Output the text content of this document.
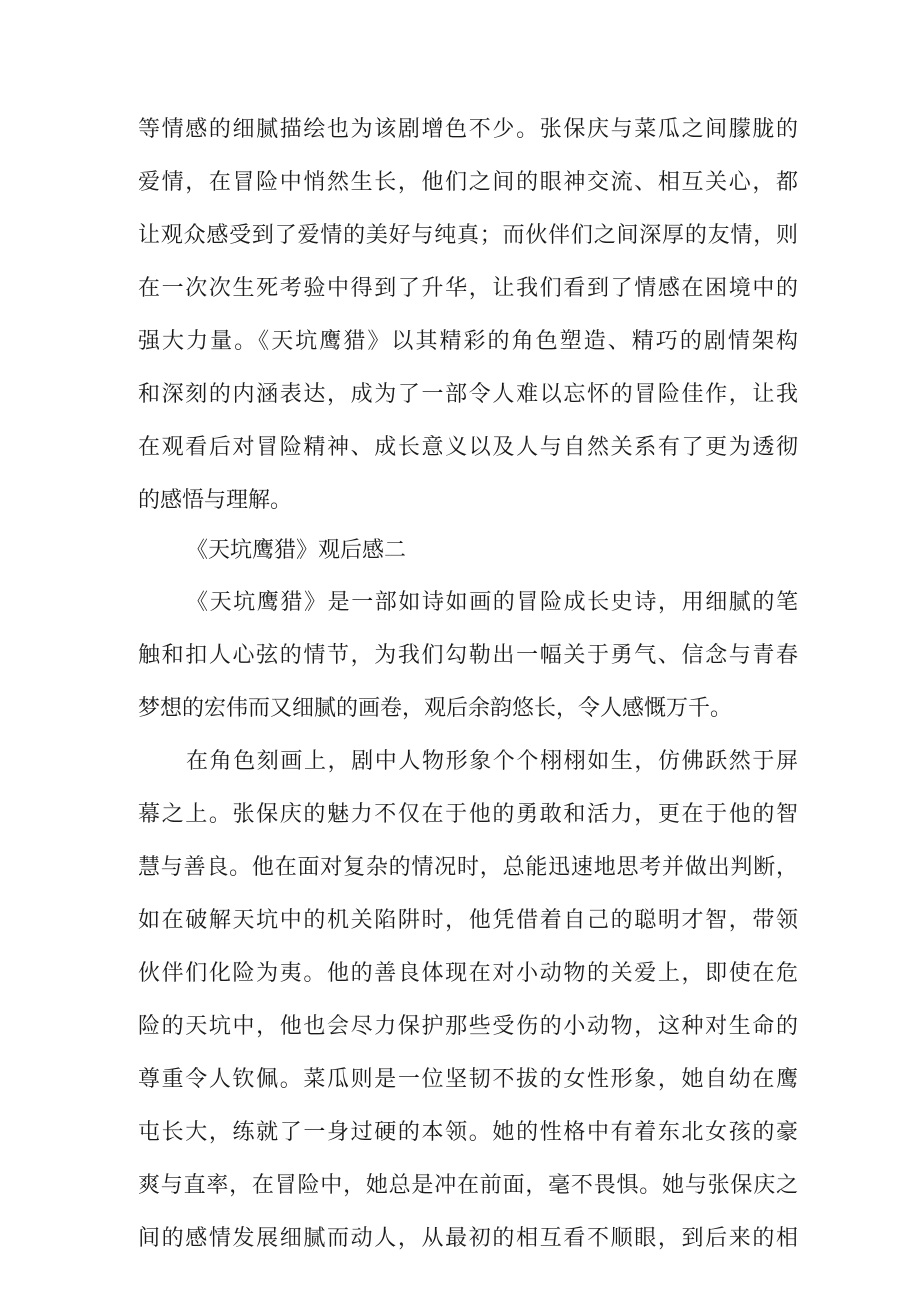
等情感的细腻描绘也为该剧增色不少。张保庆与菜瓜之间朦胧的
爱情，在冒险中悄然生长，他们之间的眼神交流、相互关心，都
让观众感受到了爱情的美好与纯真；而伙伴们之间深厚的友情，则
在一次次生死考验中得到了升华，让我们看到了情感在困境中的
强大力量。《天坑鹰猎》以其精彩的角色塑造、精巧的剧情架构
和深刻的内涵表达，成为了一部令人难以忘怀的冒险佳作，让我
在观看后对冒险精神、成长意义以及人与自然关系有了更为透彻
的感悟与理解。
《天坑鹰猎》观后感二
《天坑鹰猎》是一部如诗如画的冒险成长史诗，用细腻的笔
触和扣人心弦的情节，为我们勾勒出一幅关于勇气、信念与青春
梦想的宏伟而又细腻的画卷，观后余韵悠长，令人感慨万千。
在角色刻画上，剧中人物形象个个栩栩如生，仿佛跃然于屏
幕之上。张保庆的魅力不仅在于他的勇敢和活力，更在于他的智
慧与善良。他在面对复杂的情况时，总能迅速地思考并做出判断，
如在破解天坑中的机关陷阱时，他凭借着自己的聪明才智，带领
伙伴们化险为夷。他的善良体现在对小动物的关爱上，即使在危
险的天坑中，他也会尽力保护那些受伤的小动物，这种对生命的
尊重令人钦佩。菜瓜则是一位坚韧不拔的女性形象，她自幼在鹰
屯长大，练就了一身过硬的本领。她的性格中有着东北女孩的豪
爽与直率，在冒险中，她总是冲在前面，毫不畏惧。她与张保庆之
间的感情发展细腻而动人，从最初的相互看不顺眼，到后来的相
